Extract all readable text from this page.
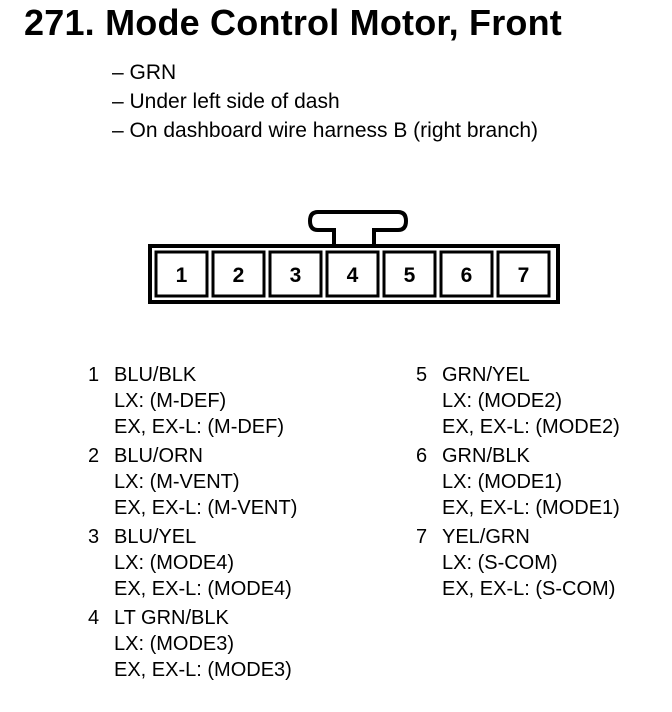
271. Mode Control Motor, Front
– GRN
– Under left side of dash
– On dashboard wire harness B (right branch)
1 2 3 4 5 6 7
1 BLU/BLK
LX: (M-DEF)
EX, EX-L: (M-DEF)
2 BLU/ORN
LX: (M-VENT)
EX, EX-L: (M-VENT)
3 BLU/YEL
LX: (MODE4)
EX, EX-L: (MODE4)
4 LT GRN/BLK
LX: (MODE3)
EX, EX-L: (MODE3)
5 GRN/YEL
LX: (MODE2)
EX, EX-L: (MODE2)
6 GRN/BLK
LX: (MODE1)
EX, EX-L: (MODE1)
7 YEL/GRN
LX: (S-COM)
EX, EX-L: (S-COM)
